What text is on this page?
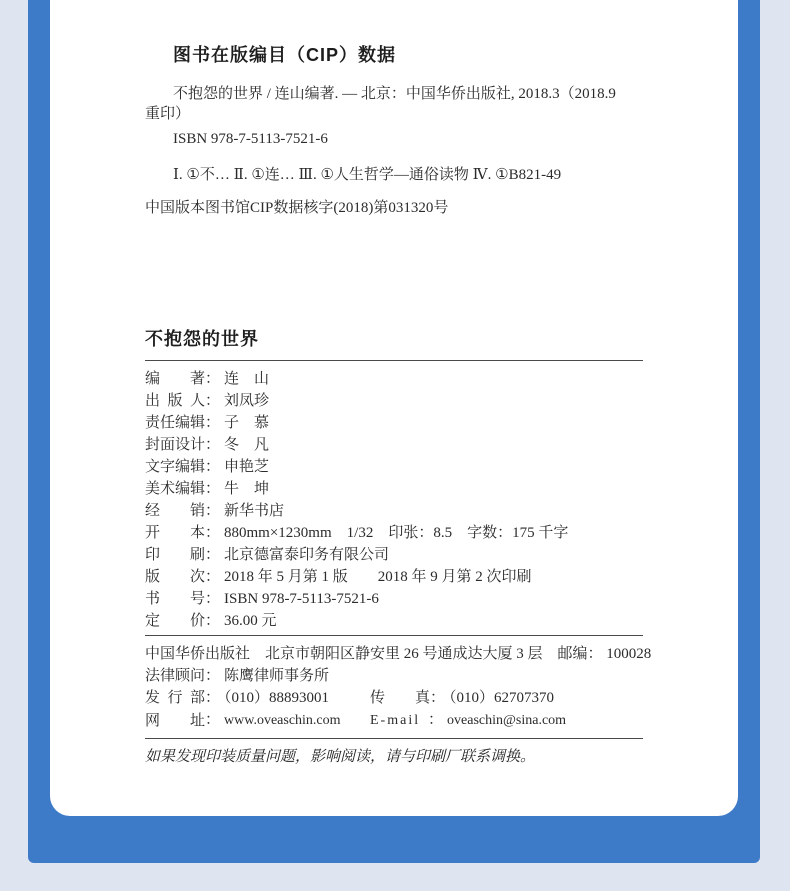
图书在版编目（CIP）数据

不抱怨的世界 / 连山编著. — 北京：中国华侨出版社, 2018.3（2018.9
重印）

ISBN 978-7-5113-7521-6

Ⅰ. ①不… Ⅱ. ①连… Ⅲ. ①人生哲学—通俗读物 Ⅳ. ①B821-49

中国版本图书馆CIP数据核字(2018)第031320号

不抱怨的世界
编著： 连　山
出版人： 刘凤珍
责任编辑： 子　慕
封面设计： 冬　凡
文字编辑： 申艳芝
美术编辑： 牛　坤
经销： 新华书店
开本： 880mm×1230mm　1/32　印张：8.5　字数：175 千字
印刷： 北京德富泰印务有限公司
版次： 2018 年 5 月第 1 版　　2018 年 9 月第 2 次印刷
书号： ISBN 978-7-5113-7521-6
定价： 36.00 元
中国华侨出版社　北京市朝阳区静安里 26 号通成达大厦 3 层　邮编： 100028
法律顾问： 陈鹰律师事务所
发行部： （010）88893001	传真： （010）62707370
网址： www.oveaschin.com	E-mail ： oveaschin@sina.com

如果发现印装质量问题，影响阅读，请与印刷厂联系调换。
